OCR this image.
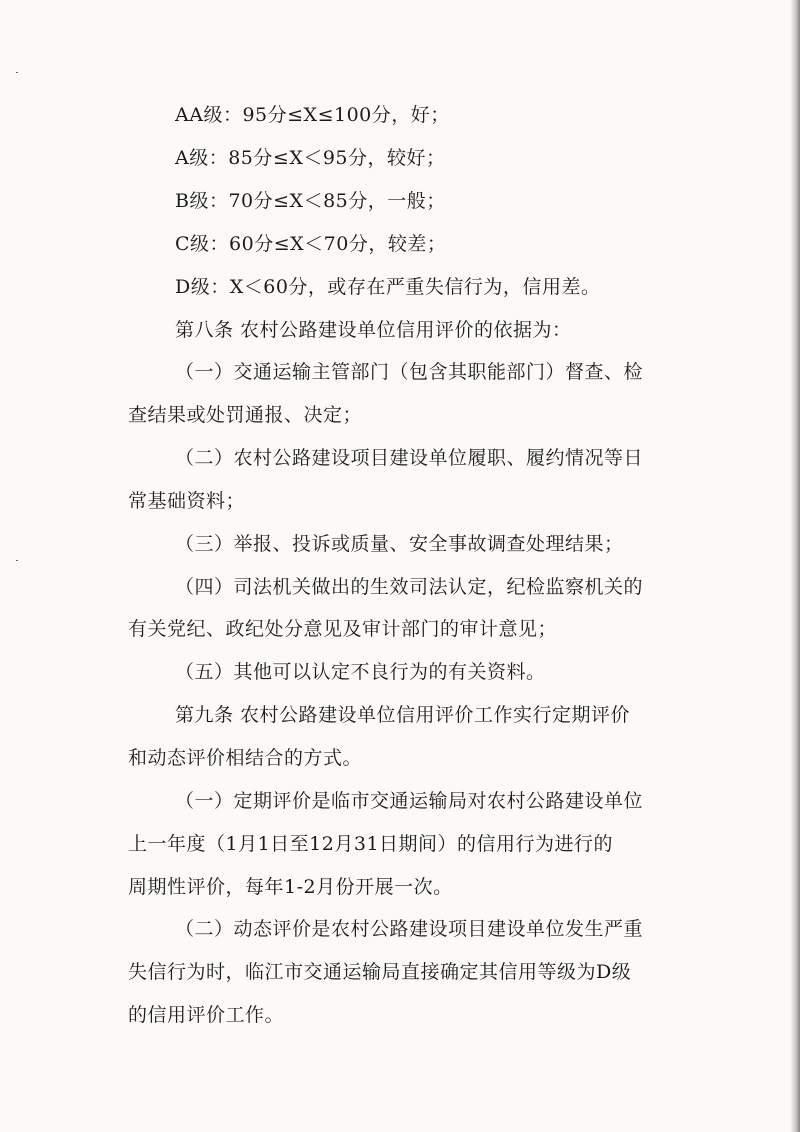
AA级：95分≤X≤100分，好；
A级：85分≤X＜95分，较好；
B级：70分≤X＜85分，一般；
C级：60分≤X＜70分，较差；
D级：X＜60分，或存在严重失信行为，信用差。
第八条 农村公路建设单位信用评价的依据为：
（一）交通运输主管部门（包含其职能部门）督查、检
查结果或处罚通报、决定；
（二）农村公路建设项目建设单位履职、履约情况等日
常基础资料；
（三）举报、投诉或质量、安全事故调查处理结果；
（四）司法机关做出的生效司法认定，纪检监察机关的
有关党纪、政纪处分意见及审计部门的审计意见；
（五）其他可以认定不良行为的有关资料。
第九条 农村公路建设单位信用评价工作实行定期评价
和动态评价相结合的方式。
（一）定期评价是临市交通运输局对农村公路建设单位
上一年度（1月1日至12月31日期间）的信用行为进行的
周期性评价，每年1-2月份开展一次。
（二）动态评价是农村公路建设项目建设单位发生严重
失信行为时，临江市交通运输局直接确定其信用等级为D级
的信用评价工作。
